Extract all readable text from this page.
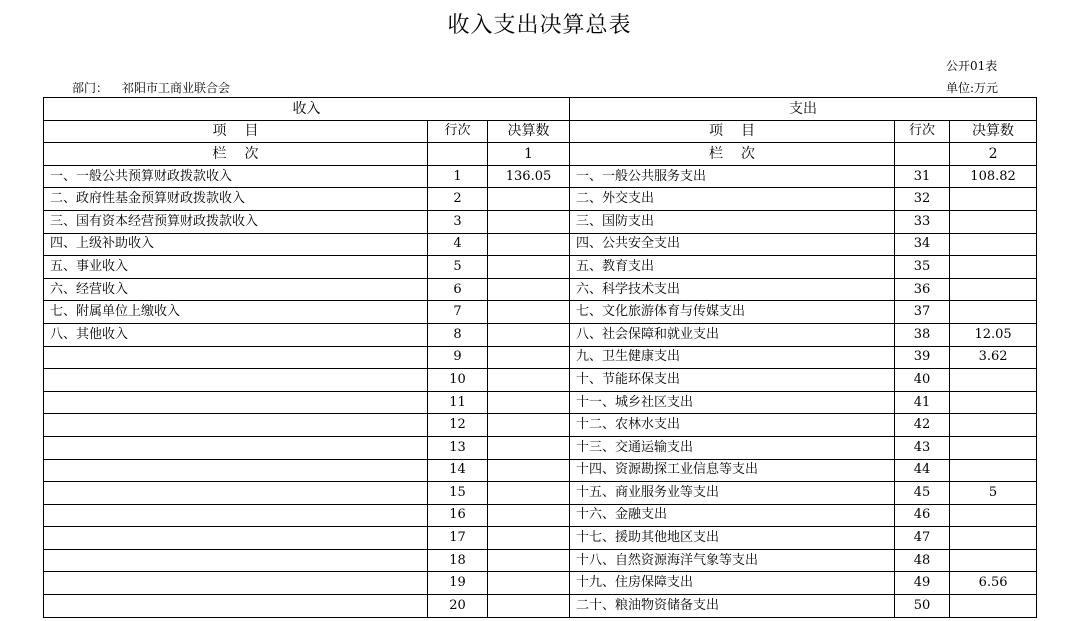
收入支出决算总表
公开01表
部门： 祁阳市工商业联合会	单位:万元
收入			支出		
项目	行次	决算数	项目	行次	决算数
栏次		1	栏次		2
一、一般公共预算财政拨款收入	1	136.05	一、一般公共服务支出	31	108.82
二、政府性基金预算财政拨款收入	2		二、外交支出	32	
三、国有资本经营预算财政拨款收入	3		三、国防支出	33	
四、上级补助收入	4		四、公共安全支出	34	
五、事业收入	5		五、教育支出	35	
六、经营收入	6		六、科学技术支出	36	
七、附属单位上缴收入	7		七、文化旅游体育与传媒支出	37	
八、其他收入	8		八、社会保障和就业支出	38	12.05
	9		九、卫生健康支出	39	3.62
	10		十、节能环保支出	40	
	11		十一、城乡社区支出	41	
	12		十二、农林水支出	42	
	13		十三、交通运输支出	43	
	14		十四、资源勘探工业信息等支出	44	
	15		十五、商业服务业等支出	45	5
	16		十六、金融支出	46	
	17		十七、援助其他地区支出	47	
	18		十八、自然资源海洋气象等支出	48	
	19		十九、住房保障支出	49	6.56
	20		二十、粮油物资储备支出	50	
